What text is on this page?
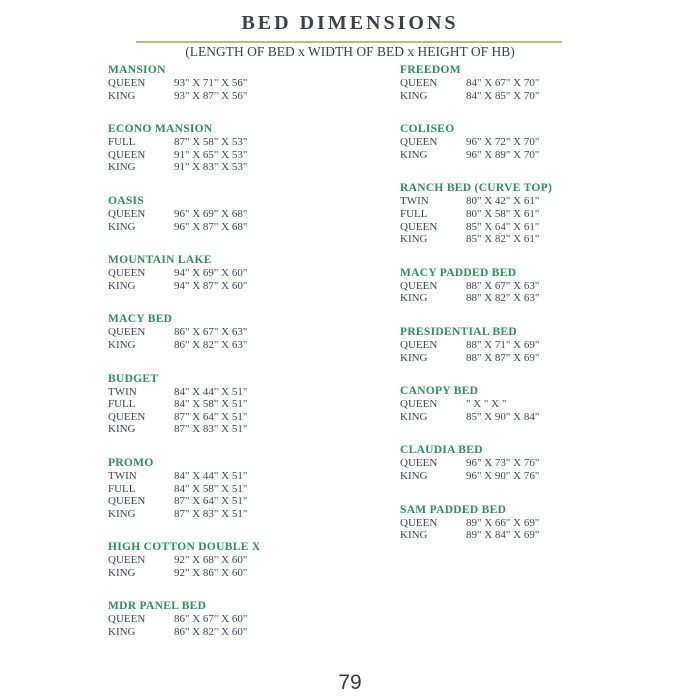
BED DIMENSIONS
(LENGTH OF BED x WIDTH OF BED x HEIGHT OF HB)
MANSION
QUEEN	93" X 71" X 56"
KING	93" X 87" X 56"
ECONO MANSION
FULL	87" X 58" X 53"
QUEEN	91" X 65" X 53"
KING	91" X 83" X 53"
OASIS
QUEEN	96" X 69" X 68"
KING	96" X 87" X 68"
MOUNTAIN LAKE
QUEEN	94" X 69" X 60"
KING	94" X 87" X 60"
MACY BED
QUEEN	86" X 67" X 63"
KING	86" X 82" X 63"
BUDGET
TWIN	84" X 44" X 51"
FULL	84" X 58" X 51"
QUEEN	87" X 64" X 51"
KING	87" X 83" X 51"
PROMO
TWIN	84" X 44" X 51"
FULL	84" X 58" X 51"
QUEEN	87" X 64" X 51"
KING	87" X 83" X 51"
HIGH COTTON DOUBLE X
QUEEN	92" X 68" X 60"
KING	92" X 86" X 60"
MDR PANEL BED
QUEEN	86" X 67" X 60"
KING	86" X 82" X 60"
FREEDOM
QUEEN	84" X 67" X 70"
KING	84" X 85" X 70"
COLISEO
QUEEN	96" X 72" X 70"
KING	96" X 89" X 70"
RANCH BED (CURVE TOP)
TWIN	80" X 42" X 61"
FULL	80" X 58" X 61"
QUEEN	85" X 64" X 61"
KING	85" X 82" X 61"
MACY PADDED BED
QUEEN	88" X 67" X 63"
KING	88" X 82" X 63"
PRESIDENTIAL BED
QUEEN	88" X 71" X 69"
KING	88" X 87" X 69"
CANOPY BED
QUEEN	" X " X "
KING	85" X 90" X 84"
CLAUDIA BED
QUEEN	96" X 73" X 76"
KING	96" X 90" X 76"
SAM PADDED BED
QUEEN	89" X 66" X 69"
KING	89" X 84" X 69"
79
